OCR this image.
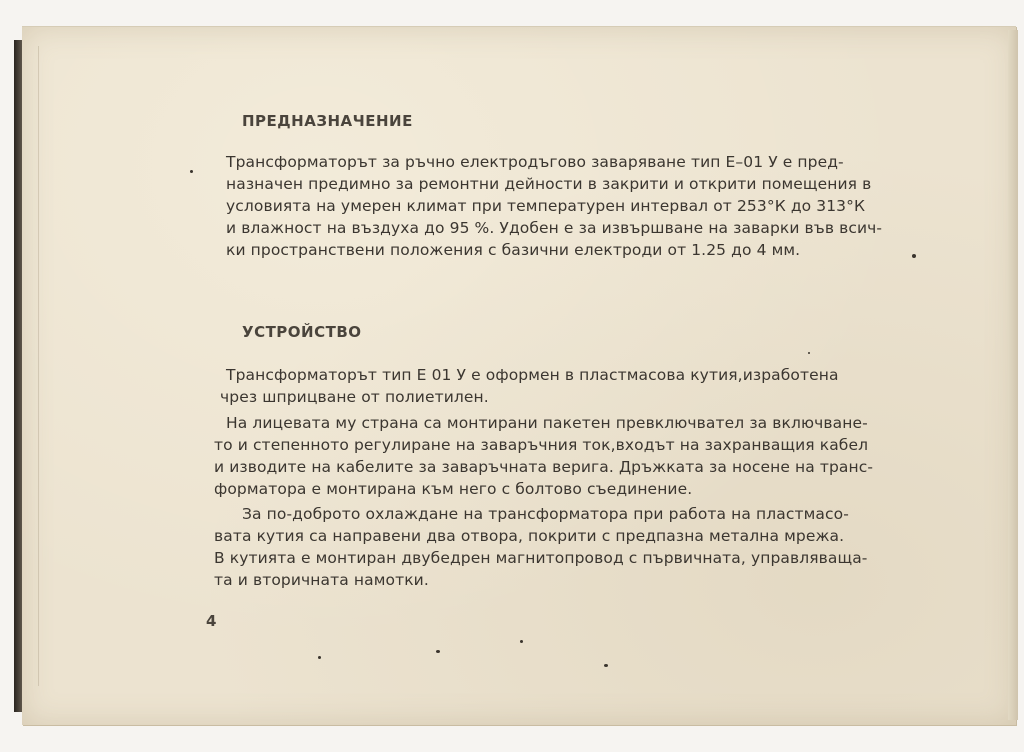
ПРЕДНАЗНАЧЕНИЕ
Трансформаторът за ръчно електродъгово заваряване тип Е–01 У е пред-
назначен предимно за ремонтни дейности в закрити и открити помещения в
условията на умерен климат при температурен интервал от 253°К до 313°К
и влажност на въздуха до 95 %. Удобен е за извършване на заварки във всич-
ки пространствени положения с базични електроди от 1.25 до 4 мм.
УСТРОЙСТВО
Трансформаторът тип Е 01 У е оформен в пластмасова кутия,изработена
чрез шприцване от полиетилен.
На лицевата му страна са монтирани пакетен превключвател за включване-
то и степенното регулиране на заваръчния ток,входът на захранващия кабел
и изводите на кабелите за заваръчната верига. Дръжката за носене на транс-
форматора е монтирана към него с болтово съединение.
За по-доброто охлаждане на трансформатора при работа на пластмасо-
вата кутия са направени два отвора, покрити с предпазна метална мрежа.
В кутията е монтиран двубедрен магнитопровод с първичната, управляваща-
та и вторичната намотки.
4
